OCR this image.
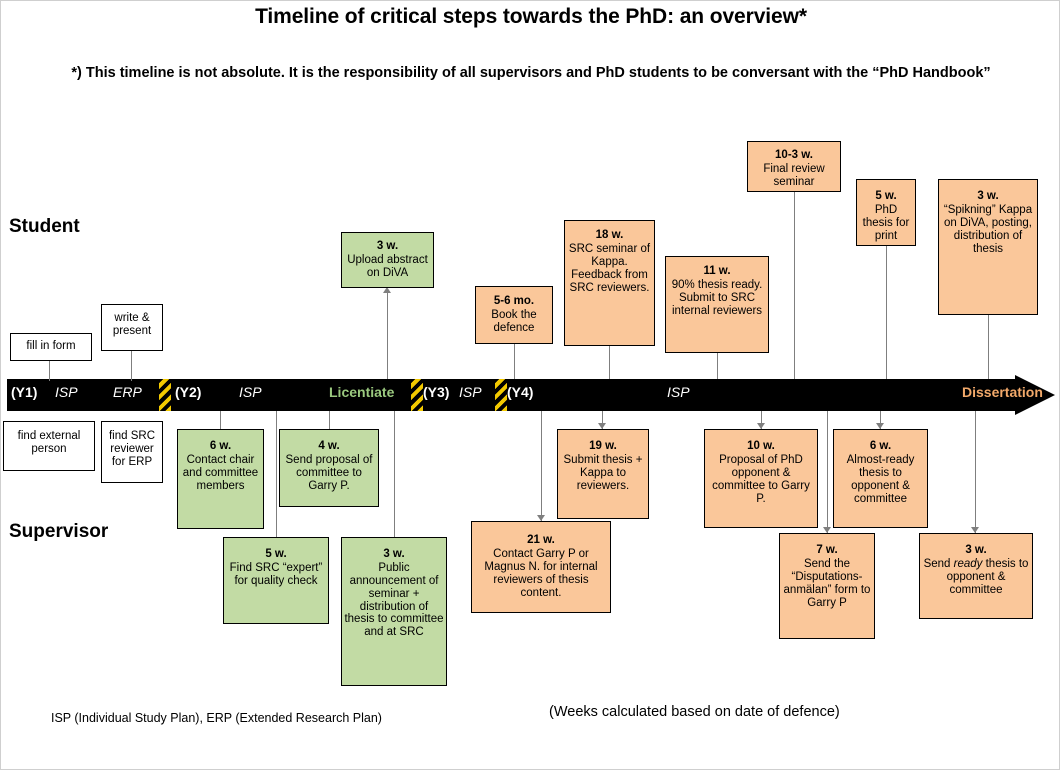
Timeline of critical steps towards the PhD: an overview*
*) This timeline is not absolute. It is the responsibility of all supervisors and PhD students to be conversant with the “PhD Handbook”
Student
Supervisor
(Y1) ISP	ERP (Y2)	ISP	Licentiate (Y3) ISP (Y4)	ISP	Dissertation
fill in form
write & present
find external person
find SRC reviewer for ERP
3 w.
Upload abstract on DiVA
6 w.
Contact chair and committee members
4 w.
Send proposal of committee to Garry P.
5 w.
Find SRC “expert” for quality check
3 w.
Public announcement of seminar + distribution of thesis to committee and at SRC
5-6 mo.
Book the defence
18 w.
SRC seminar of Kappa. Feedback from SRC reviewers.
11 w.
90% thesis ready. Submit to SRC internal reviewers
10-3 w.
Final review seminar
5 w.
PhD thesis for print
3 w.
“Spikning” Kappa on DiVA, posting, distribution of thesis
21 w.
Contact Garry P or Magnus N. for internal reviewers of thesis content.
19 w.
Submit thesis + Kappa to reviewers.
10 w.
Proposal of PhD opponent & committee to Garry P.
6 w.
Almost-ready thesis to opponent & committee
7 w.
Send the “Disputations-anmälan” form to Garry P
3 w.
Send ready thesis to opponent & committee
ISP (Individual Study Plan), ERP (Extended Research Plan)	(Weeks calculated based on date of defence)
